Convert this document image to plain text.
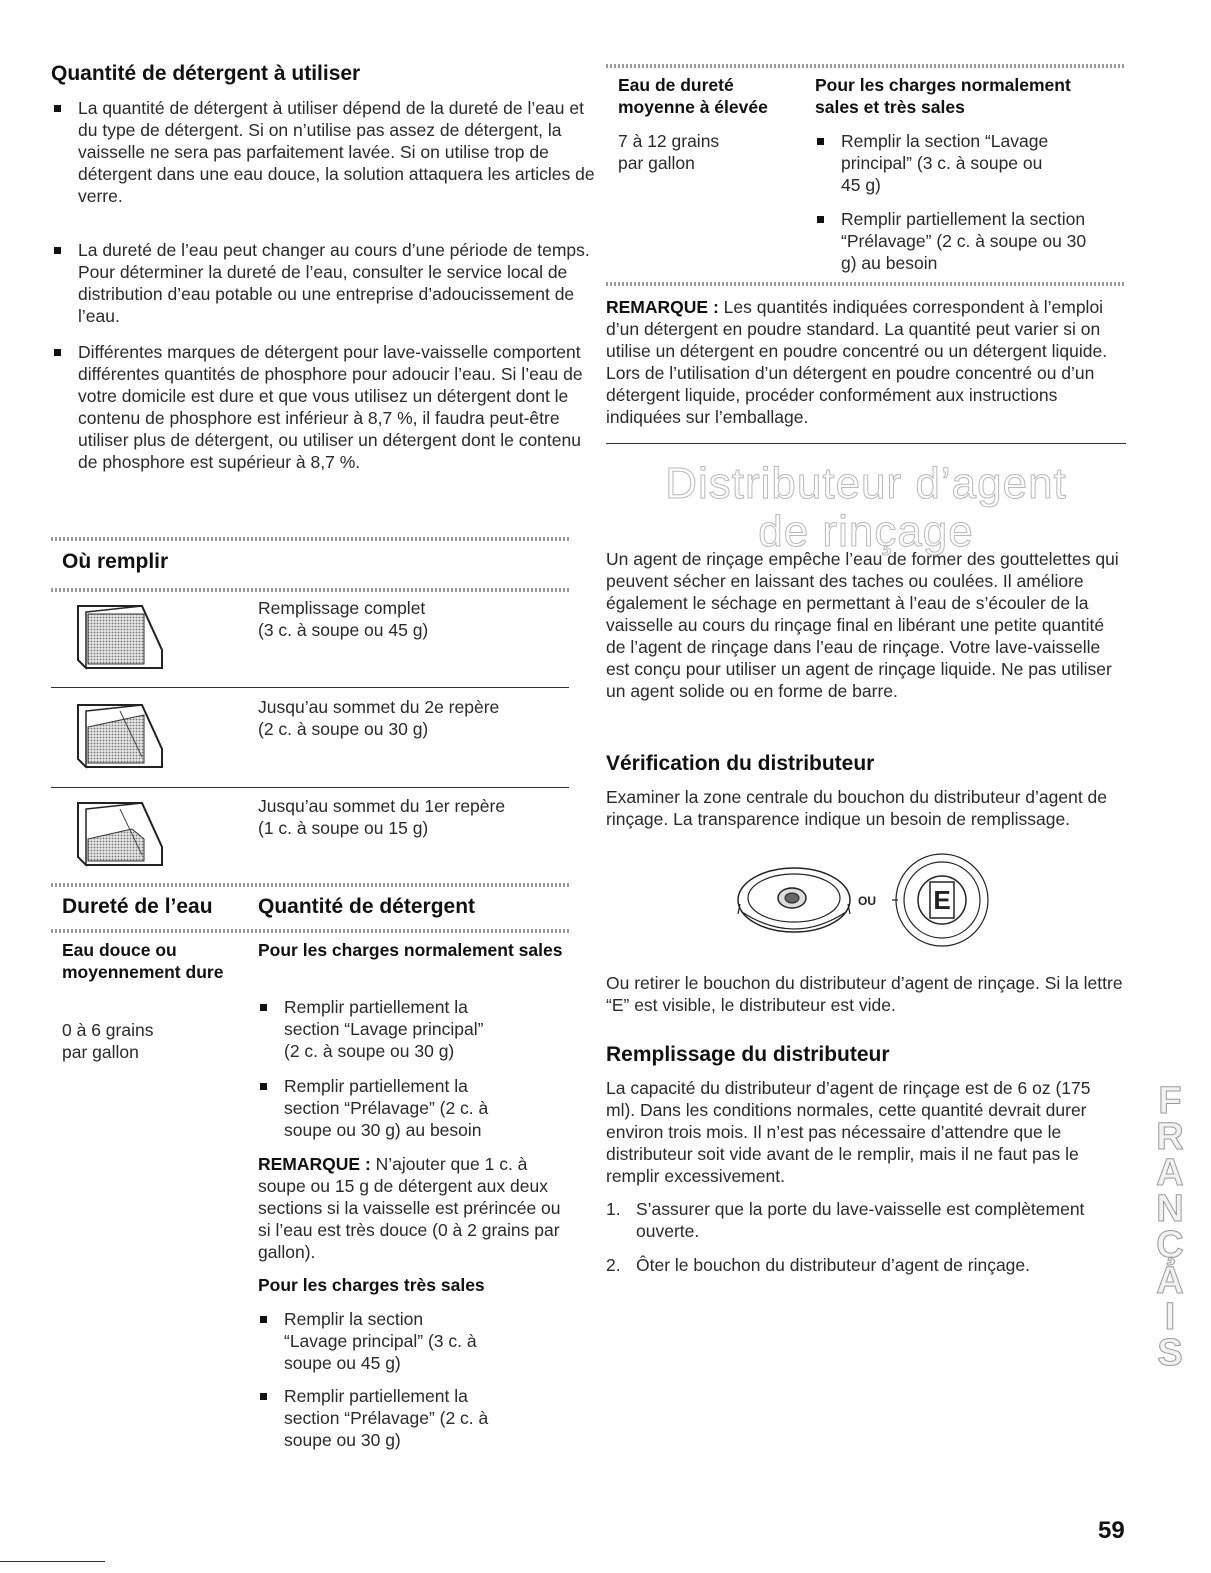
Quantité de détergent à utiliser
La quantité de détergent à utiliser dépend de la dureté de l’eau et du type de détergent. Si on n’utilise pas assez de détergent, la vaisselle ne sera pas parfaitement lavée. Si on utilise trop de détergent dans une eau douce, la solution attaquera les articles de verre.
La dureté de l’eau peut changer au cours d’une période de temps. Pour déterminer la dureté de l’eau, consulter le service local de distribution d’eau potable ou une entreprise d’adoucissement de l’eau.
Différentes marques de détergent pour lave-vaisselle comportent différentes quantités de phosphore pour adoucir l’eau. Si l’eau de votre domicile est dure et que vous utilisez un détergent dont le contenu de phosphore est inférieur à 8,7 %, il faudra peut-être utiliser plus de détergent, ou utiliser un détergent dont le contenu de phosphore est supérieur à 8,7 %.
Où remplir
Remplissage complet
(3 c. à soupe ou 45 g)
Jusqu’au sommet du 2e repère
(2 c. à soupe ou 30 g)
Jusqu’au sommet du 1er repère
(1 c. à soupe ou 15 g)
Dureté de l’eau Quantité de détergent
Eau douce ou moyennement dure
0 à 6 grains par gallon
Pour les charges normalement sales
Remplir partiellement la section “Lavage principal” (2 c. à soupe ou 30 g)
Remplir partiellement la section “Prélavage” (2 c. à soupe ou 30 g) au besoin
REMARQUE : N’ajouter que 1 c. à soupe ou 15 g de détergent aux deux sections si la vaisselle est prérincée ou si l’eau est très douce (0 à 2 grains par gallon).
Pour les charges très sales
Remplir la section “Lavage principal” (3 c. à soupe ou 45 g)
Remplir partiellement la section “Prélavage” (2 c. à soupe ou 30 g)
Eau de dureté moyenne à élevée
7 à 12 grains par gallon
Pour les charges normalement sales et très sales
Remplir la section “Lavage principal” (3 c. à soupe ou 45 g)
Remplir partiellement la section “Prélavage” (2 c. à soupe ou 30 g) au besoin
REMARQUE : Les quantités indiquées correspondent à l’emploi d’un détergent en poudre standard. La quantité peut varier si on utilise un détergent en poudre concentré ou un détergent liquide. Lors de l’utilisation d’un détergent en poudre concentré ou d’un détergent liquide, procéder conformément aux instructions indiquées sur l’emballage.
Distributeur d’agent
de rinçage
Un agent de rinçage empêche l’eau de former des gouttelettes qui peuvent sécher en laissant des taches ou coulées. Il améliore également le séchage en permettant à l’eau de s’écouler de la vaisselle au cours du rinçage final en libérant une petite quantité de l’agent de rinçage dans l’eau de rinçage. Votre lave-vaisselle est conçu pour utiliser un agent de rinçage liquide. Ne pas utiliser un agent solide ou en forme de barre.
Vérification du distributeur
Examiner la zone centrale du bouchon du distributeur d’agent de rinçage. La transparence indique un besoin de remplissage.
OU E
Ou retirer le bouchon du distributeur d’agent de rinçage. Si la lettre “E” est visible, le distributeur est vide.
Remplissage du distributeur
La capacité du distributeur d’agent de rinçage est de 6 oz (175 ml). Dans les conditions normales, cette quantité devrait durer environ trois mois. Il n’est pas nécessaire d’attendre que le distributeur soit vide avant de le remplir, mais il ne faut pas le remplir excessivement.
1. S’assurer que la porte du lave-vaisselle est complètement ouverte.
2. Ôter le bouchon du distributeur d’agent de rinçage.	FRANÇAIS
59
